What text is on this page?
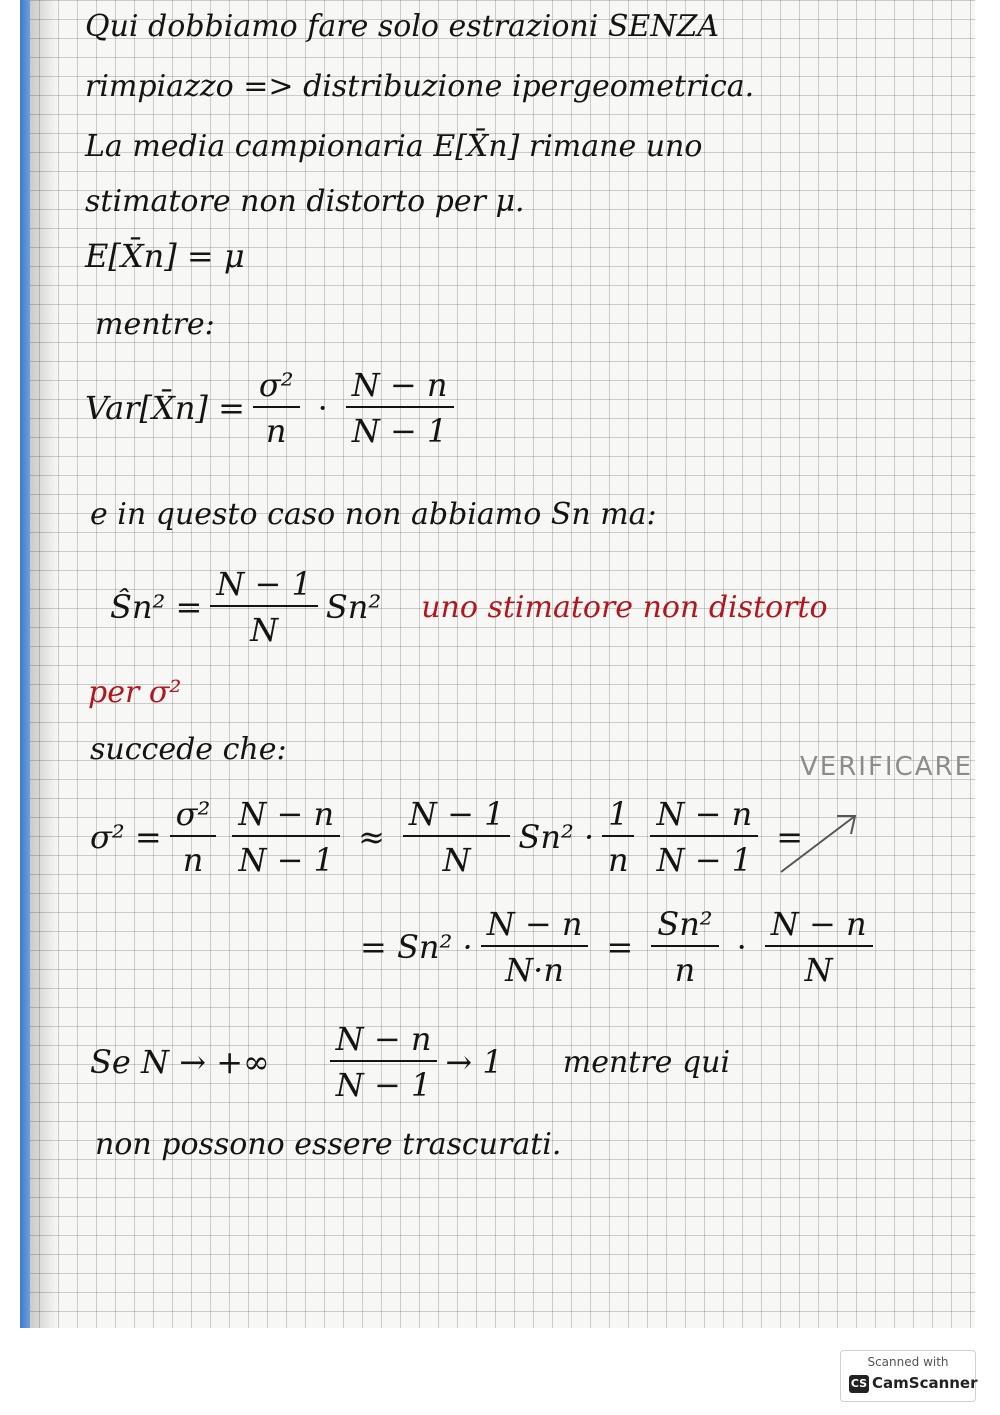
Qui dobbiamo fare solo estrazioni SENZA
rimpiazzo => distribuzione ipergeometrica.
La media campionaria E[X̄n] rimane uno
stimatore non distorto per μ.
E[X̄n] = μ
mentre:
Var[X̄n] = $\frac{\text{σ²}}{n} \cdot \frac{N - n}{N - 1}$
e in questo caso non abbiamo Sn ma:
Ŝn² = $\frac{N - 1}{N} Sn^2$ uno stimatore non distorto
per σ²
succede che:	VERIFICARE
$\sigma^2 = \frac{\text{σ²}}{n} \frac{N - n}{N - 1} \approx \frac{N - 1}{N} Sn^2 \cdot \frac{1}{n} \frac{N - n}{N - 1}$ =
= $Sn^2 \cdot \frac{N - n}{N\cdot n} = \frac{\text{Sn²}}{n} \cdot \frac{N - n}{N}$
Se N → +∞ $\frac{N - n}{N - 1} \to 1$ mentre qui
non possono essere trascurati.
Scanned with
CS CamScanner
